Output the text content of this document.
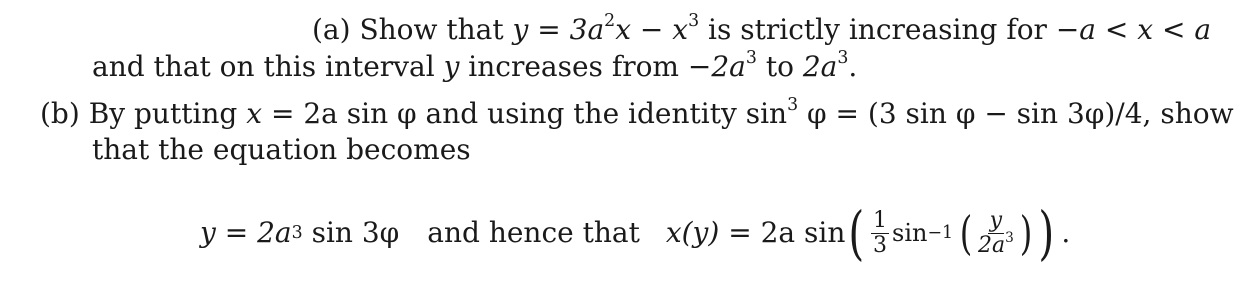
(a) Show that $y = 3a^2x - x^3$ is strictly increasing for −a < x < a
and that on this interval y increases from $-2a^3$ to $2a^3$.
(b) By putting x = 2a sin φ and using the identity $\sin^3 \varphi = (3$ sin φ − sin 3φ)/4, show
that the equation becomes
y
=
2a 3
sin 3φ and hence that x(y)
=
2a sin ( $\frac{1}{3}$ sin −1 ( $\frac{y}{2a^3}$ ) ) .
